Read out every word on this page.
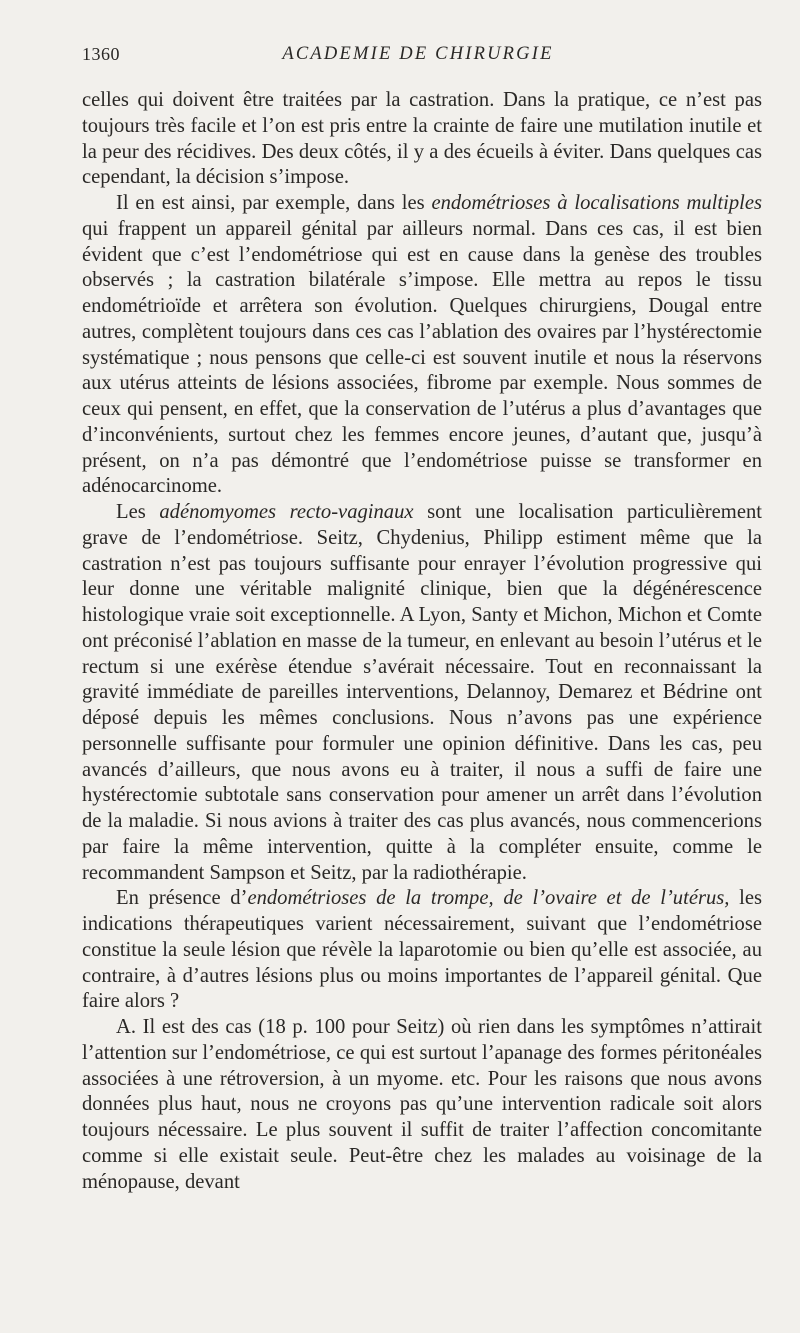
1360	ACADEMIE DE CHIRURGIE

celles qui doivent être traitées par la castration. Dans la pratique, ce n’est pas toujours très facile et l’on est pris entre la crainte de faire une mutilation inutile et la peur des récidives. Des deux côtés, il y a des écueils à éviter. Dans quelques cas cependant, la décision s’impose.

Il en est ainsi, par exemple, dans les endométrioses à localisations multiples qui frappent un appareil génital par ailleurs normal. Dans ces cas, il est bien évident que c’est l’endométriose qui est en cause dans la genèse des troubles observés ; la castration bilatérale s’impose. Elle mettra au repos le tissu endométrioïde et arrêtera son évolution. Quelques chirurgiens, Dougal entre autres, complètent toujours dans ces cas l’ablation des ovaires par l’hystérectomie systématique ; nous pensons que celle-ci est souvent inutile et nous la réservons aux utérus atteints de lésions associées, fibrome par exemple. Nous sommes de ceux qui pensent, en effet, que la conservation de l’utérus a plus d’avantages que d’inconvénients, surtout chez les femmes encore jeunes, d’autant que, jusqu’à présent, on n’a pas démontré que l’endométriose puisse se transformer en adénocarcinome.

Les adénomyomes recto-vaginaux sont une localisation particulièrement grave de l’endométriose. Seitz, Chydenius, Philipp estiment même que la castration n’est pas toujours suffisante pour enrayer l’évolution progressive qui leur donne une véritable malignité clinique, bien que la dégénérescence histologique vraie soit exceptionnelle. A Lyon, Santy et Michon, Michon et Comte ont préconisé l’ablation en masse de la tumeur, en enlevant au besoin l’utérus et le rectum si une exérèse étendue s’avérait nécessaire. Tout en reconnaissant la gravité immédiate de pareilles interventions, Delannoy, Demarez et Bédrine ont déposé depuis les mêmes conclusions. Nous n’avons pas une expérience personnelle suffisante pour formuler une opinion définitive. Dans les cas, peu avancés d’ailleurs, que nous avons eu à traiter, il nous a suffi de faire une hystérectomie subtotale sans conservation pour amener un arrêt dans l’évolution de la maladie. Si nous avions à traiter des cas plus avancés, nous commencerions par faire la même intervention, quitte à la compléter ensuite, comme le recommandent Sampson et Seitz, par la radiothérapie.

En présence d’endométrioses de la trompe, de l’ovaire et de l’utérus, les indications thérapeutiques varient nécessairement, suivant que l’endométriose constitue la seule lésion que révèle la laparotomie ou bien qu’elle est associée, au contraire, à d’autres lésions plus ou moins importantes de l’appareil génital. Que faire alors ?

A. Il est des cas (18 p. 100 pour Seitz) où rien dans les symptômes n’attirait l’attention sur l’endométriose, ce qui est surtout l’apanage des formes péritonéales associées à une rétroversion, à un myome. etc. Pour les raisons que nous avons données plus haut, nous ne croyons pas qu’une intervention radicale soit alors toujours nécessaire. Le plus souvent il suffit de traiter l’affection concomitante comme si elle existait seule. Peut-être chez les malades au voisinage de la ménopause, devant
